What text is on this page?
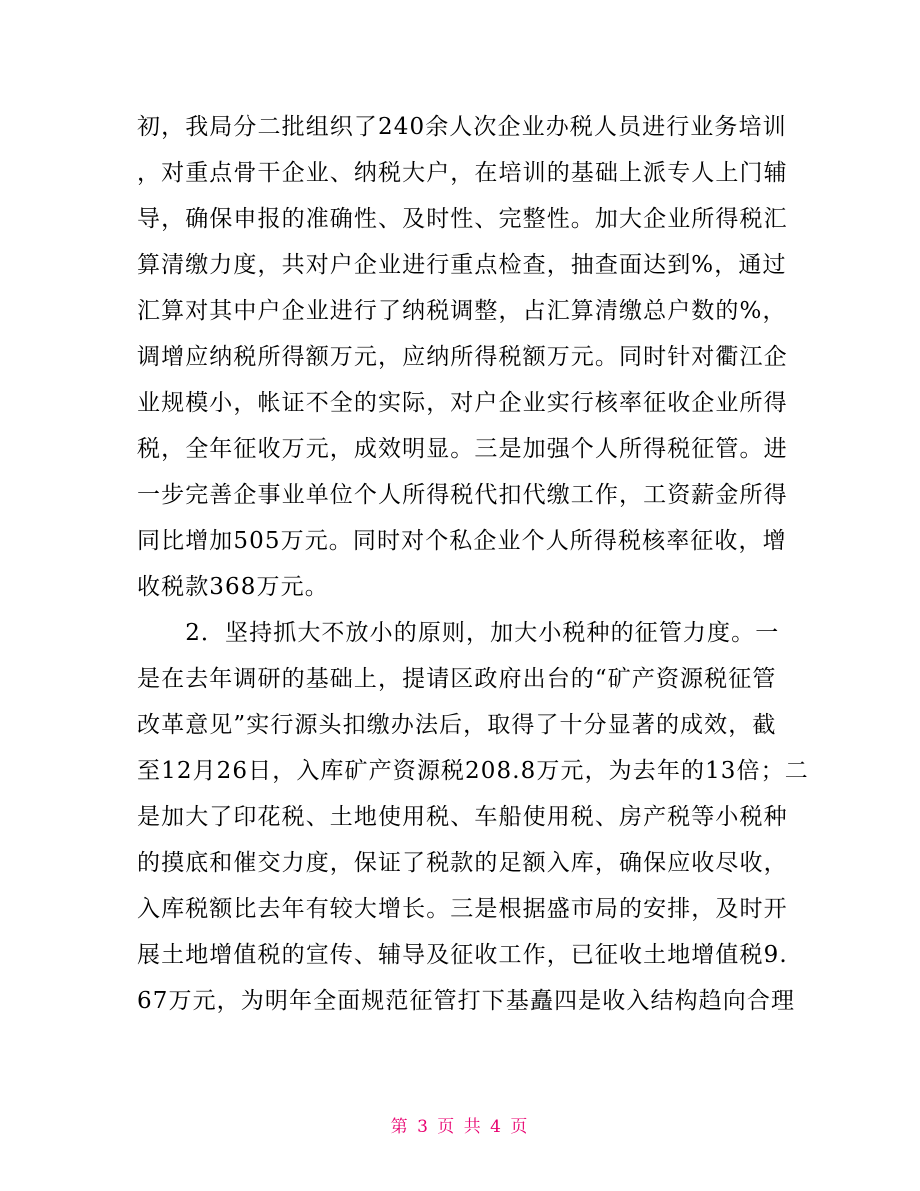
初，我局分二批组织了240余人次企业办税人员进行业务培训
，对重点骨干企业、纳税大户，在培训的基础上派专人上门辅
导，确保申报的准确性、及时性、完整性。加大企业所得税汇
算清缴力度，共对户企业进行重点检查，抽查面达到%，通过
汇算对其中户企业进行了纳税调整，占汇算清缴总户数的%，
调增应纳税所得额万元，应纳所得税额万元。同时针对衢江企
业规模小，帐证不全的实际，对户企业实行核率征收企业所得
税，全年征收万元，成效明显。三是加强个人所得税征管。进
一步完善企事业单位个人所得税代扣代缴工作，工资薪金所得
同比增加505万元。同时对个私企业个人所得税核率征收，增
收税款368万元。
　　2．坚持抓大不放小的原则，加大小税种的征管力度。一
是在去年调研的基础上，提请区政府出台的“矿产资源税征管
改革意见”实行源头扣缴办法后，取得了十分显著的成效，截
至12月26日，入库矿产资源税208.8万元，为去年的13倍；二
是加大了印花税、土地使用税、车船使用税、房产税等小税种
的摸底和催交力度，保证了税款的足额入库，确保应收尽收，
入库税额比去年有较大增长。三是根据盛市局的安排，及时开
展土地增值税的宣传、辅导及征收工作，已征收土地增值税9.
67万元，为明年全面规范征管打下基矗四是收入结构趋向合理
第 3 页 共 4 页
